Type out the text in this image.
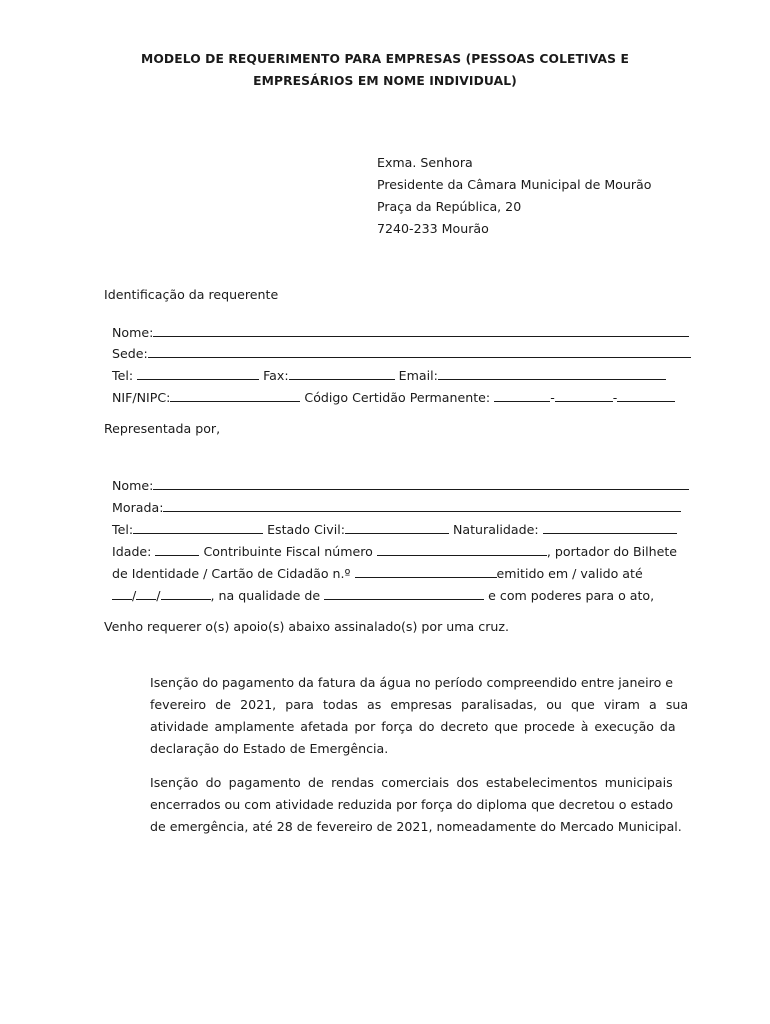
MODELO DE REQUERIMENTO PARA EMPRESAS (PESSOAS COLETIVAS E
EMPRESÁRIOS EM NOME INDIVIDUAL)
Exma. Senhora
Presidente da Câmara Municipal de Mourão
Praça da República, 20
7240-233 Mourão
Identificação da requerente

Nome:

Sede:

Tel:	Fax:	Email:

NIF/NIPC:	Código Certidão Permanente:	-	-

Representada por,

Nome:

Morada:

Tel:	Estado Civil:	Naturalidade:

Idade:	Contribuinte Fiscal número	, portador do Bilhete

de Identidade / Cartão de Cidadão n.º	emitido em / valido até

/ /	, na qualidade de	e com poderes para o ato,

Venho requerer o(s) apoio(s) abaixo assinalado(s) por uma cruz.
Isenção do pagamento da fatura da água no período compreendido entre janeiro e
fevereiro de 2021, para todas as empresas paralisadas, ou que viram a sua
atividade amplamente afetada por força do decreto que procede à execução da
declaração do Estado de Emergência.
Isenção do pagamento de rendas comerciais dos estabelecimentos municipais
encerrados ou com atividade reduzida por força do diploma que decretou o estado
de emergência, até 28 de fevereiro de 2021, nomeadamente do Mercado Municipal.
